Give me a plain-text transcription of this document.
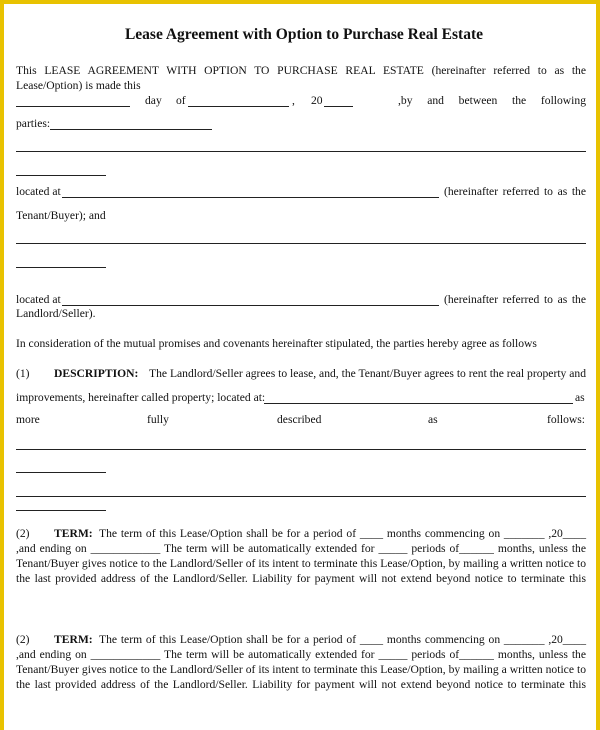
Lease Agreement with Option to Purchase Real Estate
This LEASE AGREEMENT WITH OPTION TO PURCHASE REAL ESTATE (hereinafter referred to as the
Lease/Option) is made this
day of	, 20	,by and between the following
parties:
located at	(hereinafter referred to as the
Tenant/Buyer); and
located at	(hereinafter referred to as the
Landlord/Seller).
In consideration of the mutual promises and covenants hereinafter stipulated, the parties hereby agree as follows
(1) DESCRIPTION: The Landlord/Seller agrees to lease, and, the Tenant/Buyer agrees to rent the real property and
improvements, hereinafter called property; located at:	as
more	fully	described	as	follows:
(2) TERM: The term of this Lease/Option shall be for a period of ____ months commencing on _______ ,20____
,and ending on ____________ The term will be automatically extended for _____ periods of______ months, unless the
Tenant/Buyer gives notice to the Landlord/Seller of its intent to terminate this Lease/Option, by mailing a written notice to
the last provided address of the Landlord/Seller. Liability for payment will not extend beyond notice to terminate this
(2) TERM: The term of this Lease/Option shall be for a period of ____ months commencing on _______ ,20____
,and ending on ____________ The term will be automatically extended for _____ periods of______ months, unless the
Tenant/Buyer gives notice to the Landlord/Seller of its intent to terminate this Lease/Option, by mailing a written notice to
the last provided address of the Landlord/Seller. Liability for payment will not extend beyond notice to terminate this
